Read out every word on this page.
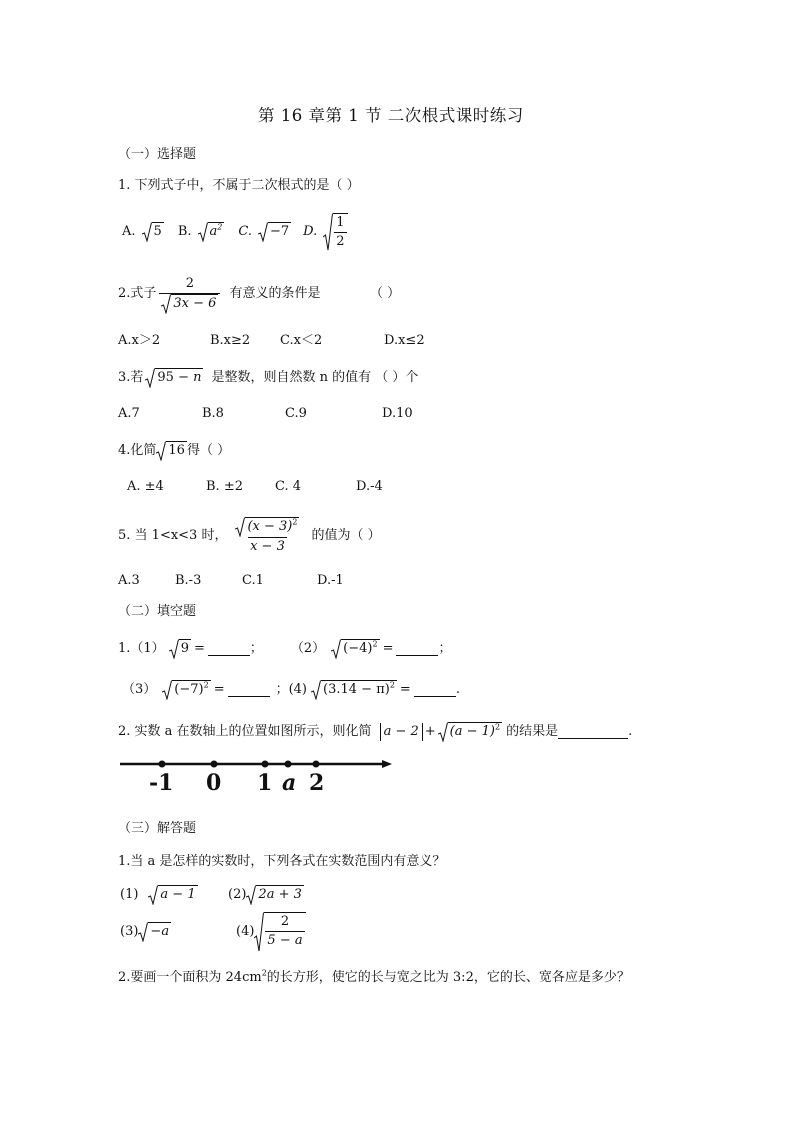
第 16 章第 1 节 二次根式课时练习
（一）选择题
1. 下列式子中，不属于二次根式的是（ ）
A. 5 B. $a^2$ C. −7 D. $\frac{1}{2}$
2.式子 $\frac{2}{3x - 6}$ 有意义的条件是	（ ）
A.x＞2	B.x≥2 C.x＜2	D.x≤2
3.若 95 − n 是整数，则自然数 n 的值有 （ ）个
A.7	B.8	C.9	D.10
4.化简 16 得（ ）
A. ±4	B. ±2 C. 4	D.-4
5. 当 1<x<3 时， $\frac{(x - 3)^2}{x - 3}$ 的值为（ ）
A.3	B.-3	C.1	D.-1
（二）填空题
1.（1） 9 =	； （2） $(-4)^2$ =	；
（3） $(-7)^2$ =	；(4) $(3.14 - \pi)^2$ =	.
2. 实数 a 在数轴上的位置如图所示，则化简 $a - 2 + (a - 1)^2$ 的结果是	.
-1 0 1 a 2
（三）解答题
1.当 a 是怎样的实数时，下列各式在实数范围内有意义？
(1) a − 1 (2) 2a + 3
(3) −a	$(4) \frac{2}{5 - a}$
2.要画一个面积为 $24cm^2$的长方形，使它的长与宽之比为 3:2，它的长、宽各应是多少？
